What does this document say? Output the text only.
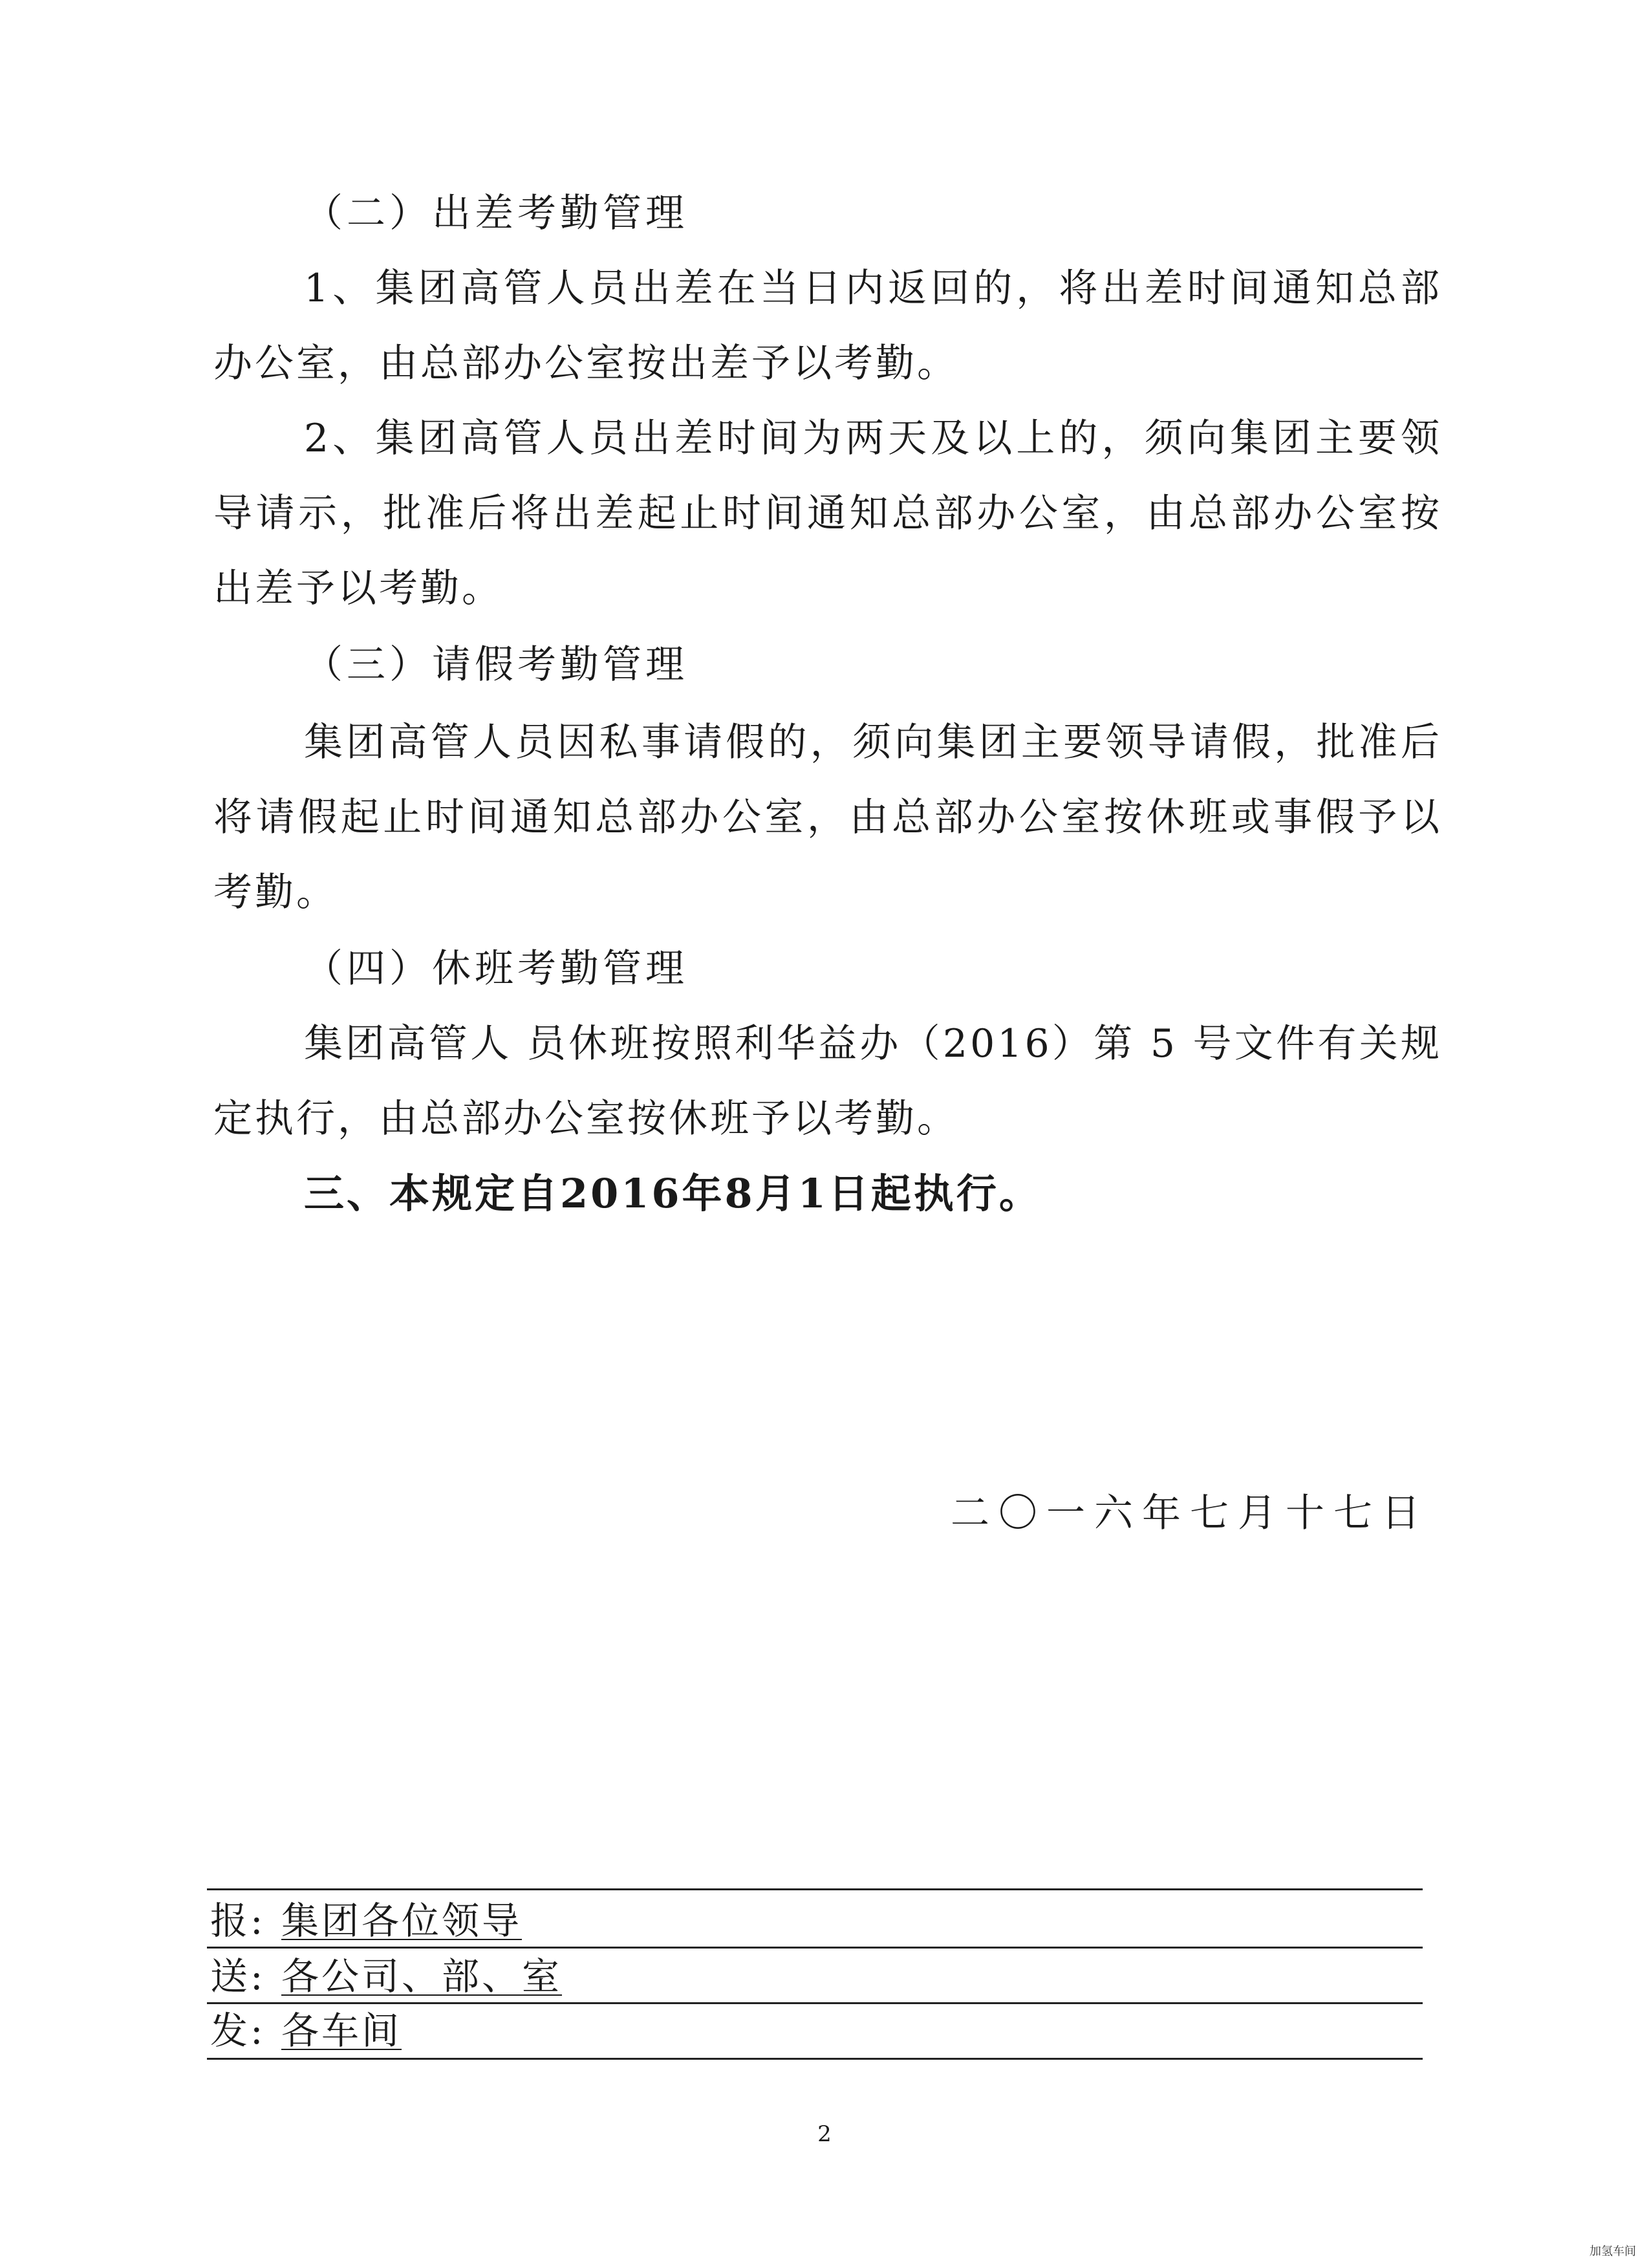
（二）出差考勤管理

1、集团高管人员出差在当日内返回的，将出差时间通知总部办公室，由总部办公室按出差予以考勤。

2、集团高管人员出差时间为两天及以上的，须向集团主要领导请示，批准后将出差起止时间通知总部办公室，由总部办公室按出差予以考勤。

（三）请假考勤管理

集团高管人员因私事请假的，须向集团主要领导请假，批准后将请假起止时间通知总部办公室，由总部办公室按休班或事假予以考勤。

（四）休班考勤管理

集团高管人 员休班按照利华益办（2016）第 5 号文件有关规定执行，由总部办公室按休班予以考勤。

三、本规定自2016年8月1日起执行。

二〇一六年七月十七日
报: 集团各位领导
送: 各公司、部、室
发: 各车间
2
加氢车间
